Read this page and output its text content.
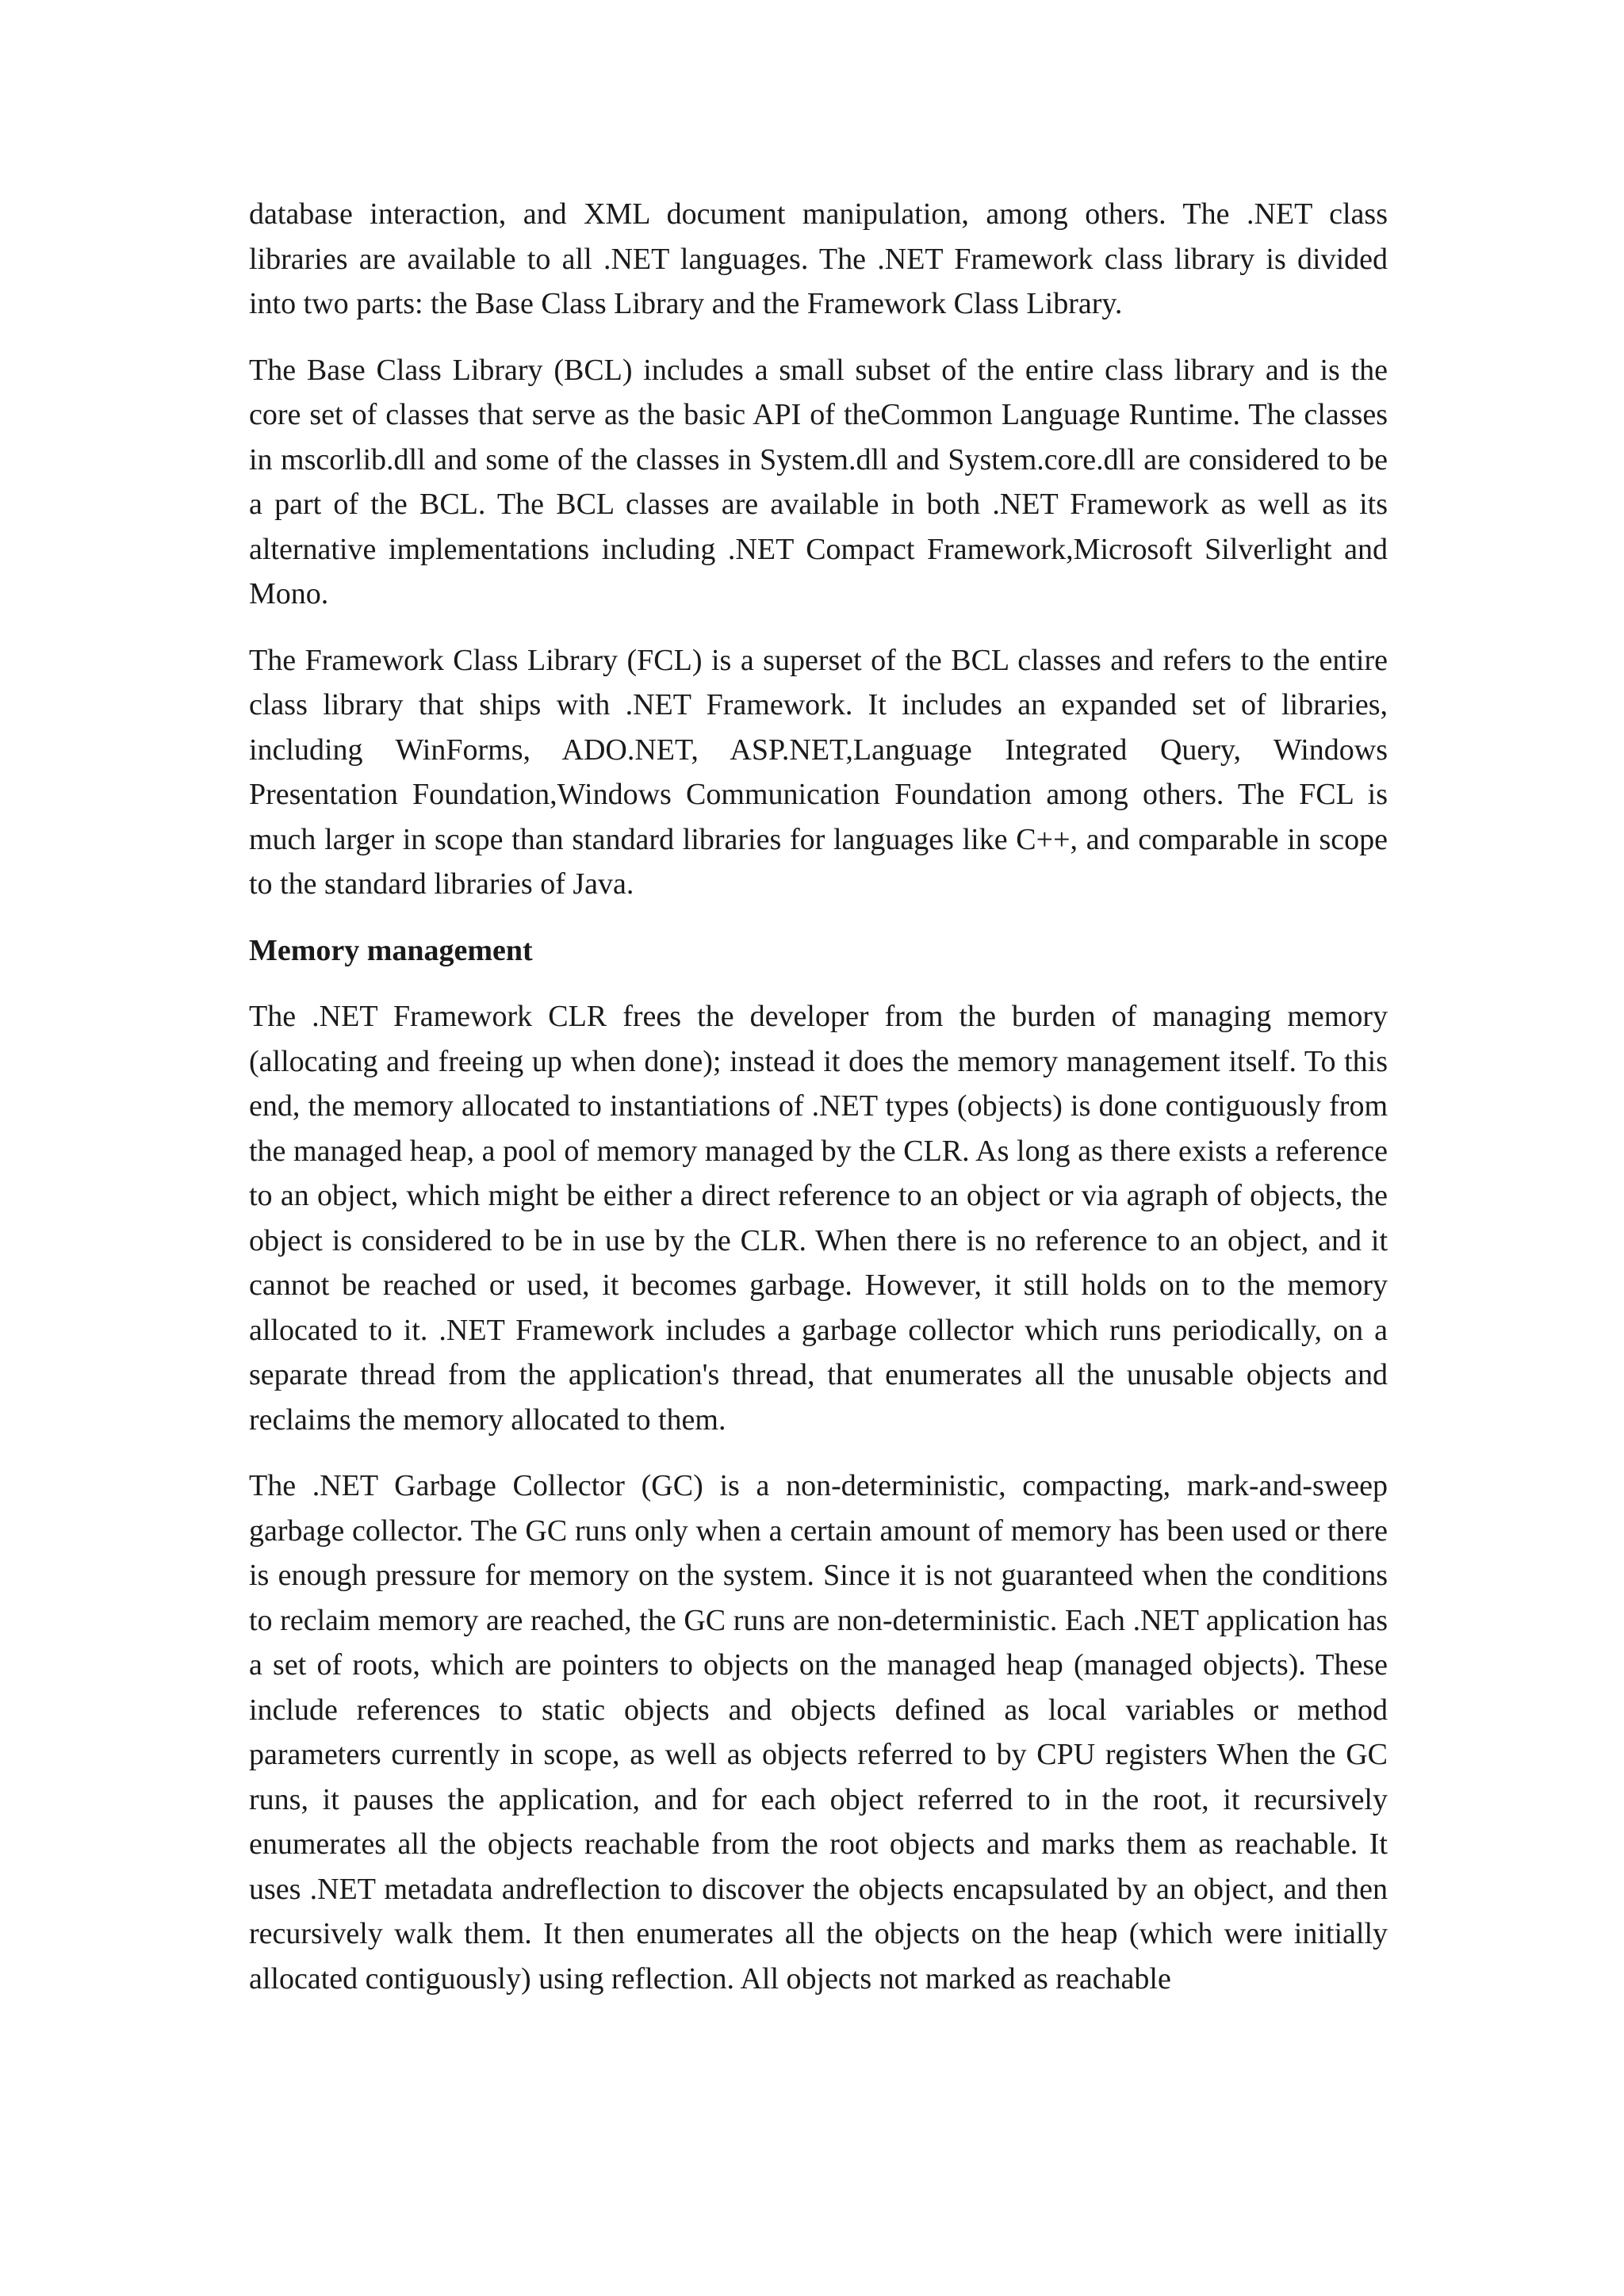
database interaction, and XML document manipulation, among others. The .NET class libraries are available to all .NET languages. The .NET Framework class library is divided into two parts: the Base Class Library and the Framework Class Library.

The Base Class Library (BCL) includes a small subset of the entire class library and is the core set of classes that serve as the basic API of theCommon Language Runtime. The classes in mscorlib.dll and some of the classes in System.dll and System.core.dll are considered to be a part of the BCL. The BCL classes are available in both .NET Framework as well as its alternative implementations including .NET Compact Framework,Microsoft Silverlight and Mono.

The Framework Class Library (FCL) is a superset of the BCL classes and refers to the entire class library that ships with .NET Framework. It includes an expanded set of libraries, including WinForms, ADO.NET, ASP.NET,Language Integrated Query, Windows Presentation Foundation,Windows Communication Foundation among others. The FCL is much larger in scope than standard libraries for languages like C++, and comparable in scope to the standard libraries of Java.

Memory management

The .NET Framework CLR frees the developer from the burden of managing memory (allocating and freeing up when done); instead it does the memory management itself. To this end, the memory allocated to instantiations of .NET types (objects) is done contiguously from the managed heap, a pool of memory managed by the CLR. As long as there exists a reference to an object, which might be either a direct reference to an object or via agraph of objects, the object is considered to be in use by the CLR. When there is no reference to an object, and it cannot be reached or used, it becomes garbage. However, it still holds on to the memory allocated to it. .NET Framework includes a garbage collector which runs periodically, on a separate thread from the application's thread, that enumerates all the unusable objects and reclaims the memory allocated to them.

The .NET Garbage Collector (GC) is a non-deterministic, compacting, mark-and-sweep garbage collector. The GC runs only when a certain amount of memory has been used or there is enough pressure for memory on the system. Since it is not guaranteed when the conditions to reclaim memory are reached, the GC runs are non-deterministic. Each .NET application has a set of roots, which are pointers to objects on the managed heap (managed objects). These include references to static objects and objects defined as local variables or method parameters currently in scope, as well as objects referred to by CPU registers When the GC runs, it pauses the application, and for each object referred to in the root, it recursively enumerates all the objects reachable from the root objects and marks them as reachable. It uses .NET metadata andreflection to discover the objects encapsulated by an object, and then recursively walk them. It then enumerates all the objects on the heap (which were initially allocated contiguously) using reflection. All objects not marked as reachable
